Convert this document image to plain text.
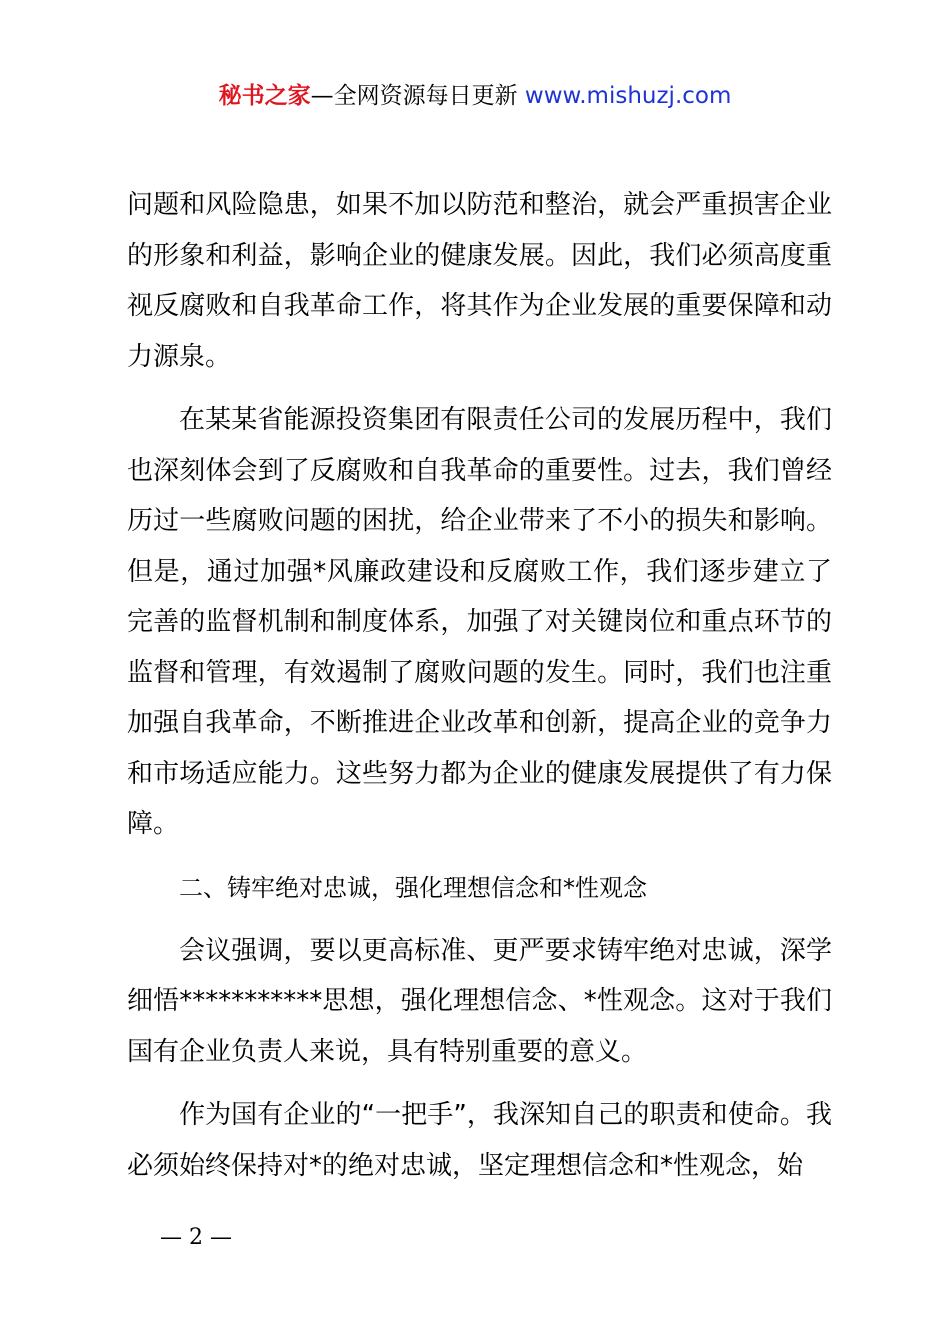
秘书之家—全网资源每日更新 www.mishuzj.com

问题和风险隐患，如果不加以防范和整治，就会严重损害企业的形象和利益，影响企业的健康发展。因此，我们必须高度重视反腐败和自我革命工作，将其作为企业发展的重要保障和动力源泉。

在某某省能源投资集团有限责任公司的发展历程中，我们也深刻体会到了反腐败和自我革命的重要性。过去，我们曾经历过一些腐败问题的困扰，给企业带来了不小的损失和影响。但是，通过加强*风廉政建设和反腐败工作，我们逐步建立了完善的监督机制和制度体系，加强了对关键岗位和重点环节的监督和管理，有效遏制了腐败问题的发生。同时，我们也注重加强自我革命，不断推进企业改革和创新，提高企业的竞争力和市场适应能力。这些努力都为企业的健康发展提供了有力保障。

二、铸牢绝对忠诚，强化理想信念和*性观念

会议强调，要以更高标准、更严要求铸牢绝对忠诚，深学细悟***********思想，强化理想信念、*性观念。这对于我们国有企业负责人来说，具有特别重要的意义。

作为国有企业的“一把手”，我深知自己的职责和使命。我必须始终保持对*的绝对忠诚，坚定理想信念和*性观念，始

— 2 —
